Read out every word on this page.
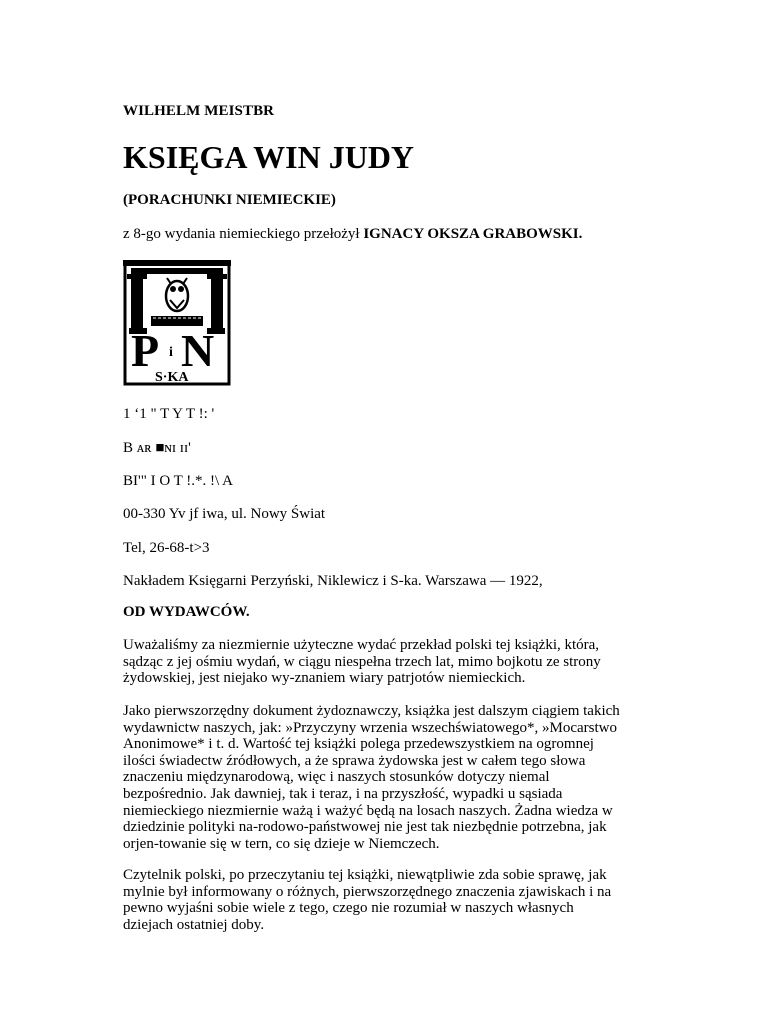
WILHELM MEISTBR
KSIĘGA WIN JUDY
(PORACHUNKI NIEMIECKIE)
z 8-go wydania niemieckiego przełożył IGNACY OKSZA GRABOWSKI.
P i N
S·KA
1 ‘1 " T Y T !: '
B ᴀʀ ■ɴɪ ɪɪ'
BI'" I O T !.*. !\ A
00-330 Yv jf iwa, ul. Nowy Świat
Tel, 26-68-t>3
Nakładem Księgarni Perzyński, Niklewicz i S-ka. Warszawa — 1922,
OD WYDAWCÓW.
Uważaliśmy za niezmiernie użyteczne wydać przekład polski tej książki, która,
sądząc z jej ośmiu wydań, w ciągu niespełna trzech lat, mimo bojkotu ze strony
żydowskiej, jest niejako wy-znaniem wiary patrjotów niemieckich.
Jako pierwszorzędny dokument żydoznawczy, książka jest dalszym ciągiem takich
wydawnictw naszych, jak: »Przyczyny wrzenia wszechświatowego*, »Mocarstwo
Anonimowe* i t. d. Wartość tej książki polega przedewszystkiem na ogromnej
ilości świadectw źródłowych, a że sprawa żydowska jest w całem tego słowa
znaczeniu międzynarodową, więc i naszych stosunków dotyczy niemal
bezpośrednio. Jak dawniej, tak i teraz, i na przyszłość, wypadki u sąsiada
niemieckiego niezmiernie ważą i ważyć będą na losach naszych. Żadna wiedza w
dziedzinie polityki na-rodowo-państwowej nie jest tak niezbędnie potrzebna, jak
orjen-towanie się w tern, co się dzieje w Niemczech.
Czytelnik polski, po przeczytaniu tej książki, niewątpliwie zda sobie sprawę, jak
mylnie był informowany o różnych, pierwszorzędnego znaczenia zjawiskach i na
pewno wyjaśni sobie wiele z tego, czego nie rozumiał w naszych własnych
dziejach ostatniej doby.
